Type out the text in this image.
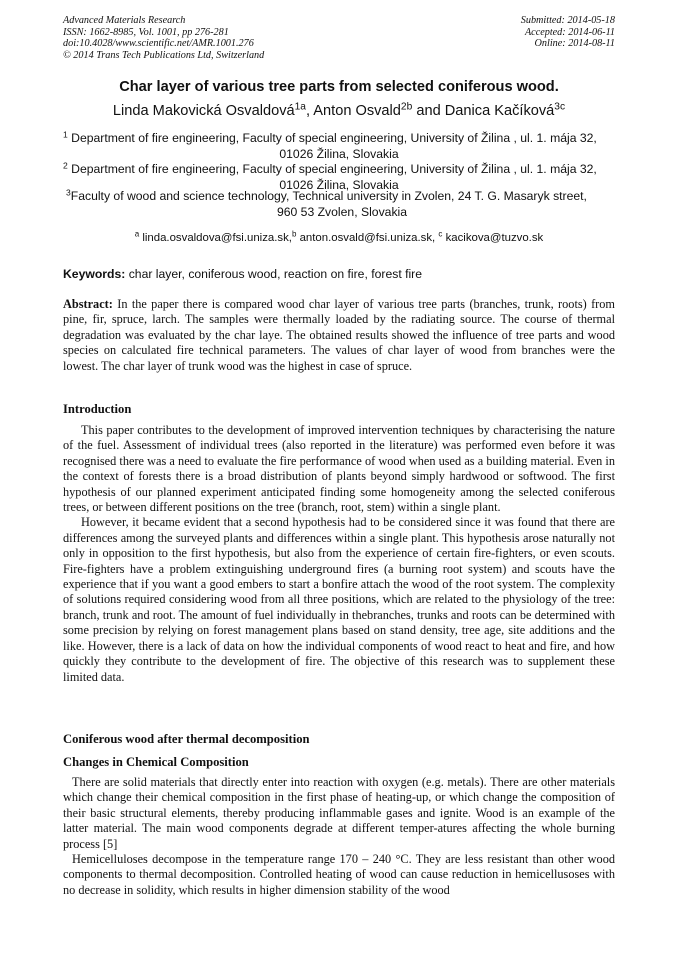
Advanced Materials Research
ISSN: 1662-8985, Vol. 1001, pp 276-281
doi:10.4028/www.scientific.net/AMR.1001.276
© 2014 Trans Tech Publications Ltd, Switzerland
Submitted: 2014-05-18
Accepted: 2014-06-11
Online: 2014-08-11
Char layer of various tree parts from selected coniferous wood.
Linda Makovická Osvaldová$^{1a}$, Anton Osvald$^{2b}$ and Danica Kačíková$^{3c}$
$^1$ Department of fire engineering, Faculty of special engineering, University of Žilina , ul. 1. mája 32,
01026 Žilina, Slovakia
$^2$ Department of fire engineering, Faculty of special engineering, University of Žilina , ul. 1. mája 32,
01026 Žilina, Slovakia
$^3$Faculty of wood and science technology, Technical university in Zvolen, 24 T. G. Masaryk street,
960 53 Zvolen, Slovakia
$^a$ linda.osvaldova@fsi.uniza.sk,$^b$ anton.osvald@fsi.uniza.sk, $^c$ kacikova@tuzvo.sk
Keywords: char layer, coniferous wood, reaction on fire, forest fire
Abstract: In the paper there is compared wood char layer of various tree parts (branches, trunk, roots) from pine, fir, spruce, larch. The samples were thermally loaded by the radiating source. The course of thermal degradation was evaluated by the char laye. The obtained results showed the influence of tree parts and wood species on calculated fire technical parameters. The values of char layer of wood from branches were the lowest. The char layer of trunk wood was the highest in case of spruce.
Introduction

This paper contributes to the development of improved intervention techniques by characterising the nature of the fuel. Assessment of individual trees (also reported in the literature) was performed even before it was recognised there was a need to evaluate the fire performance of wood when used as a building material. Even in the context of forests there is a broad distribution of plants beyond simply hardwood or softwood. The first hypothesis of our planned experiment anticipated finding some homogeneity among the selected coniferous trees, or between different positions on the tree (branch, root, stem) within a single plant.

However, it became evident that a second hypothesis had to be considered since it was found that there are differences among the surveyed plants and differences within a single plant. This hypothesis arose naturally not only in opposition to the first hypothesis, but also from the experience of certain fire-fighters, or even scouts. Fire-fighters have a problem extinguishing underground fires (a burning root system) and scouts have the experience that if you want a good embers to start a bonfire attach the wood of the root system. The complexity of solutions required considering wood from all three positions, which are related to the physiology of the tree: branch, trunk and root. The amount of fuel individually in thebranches, trunks and roots can be determined with some precision by relying on forest management plans based on stand density, tree age, site additions and the like. However, there is a lack of data on how the individual components of wood react to heat and fire, and how quickly they contribute to the development of fire. The objective of this research was to supplement these limited data.

Coniferous wood after thermal decomposition
Changes in Chemical Composition

There are solid materials that directly enter into reaction with oxygen (e.g. metals). There are other materials which change their chemical composition in the first phase of heating-up, or which change the composition of their basic structural elements, thereby producing inflammable gases and ignite. Wood is an example of the latter material. The main wood components degrade at different temper-atures affecting the whole burning process [5]

Hemicelluloses decompose in the temperature range 170 – 240 °C. They are less resistant than other wood components to thermal decomposition. Controlled heating of wood can cause reduction in hemicellusoses with no decrease in solidity, which results in higher dimension stability of the wood
